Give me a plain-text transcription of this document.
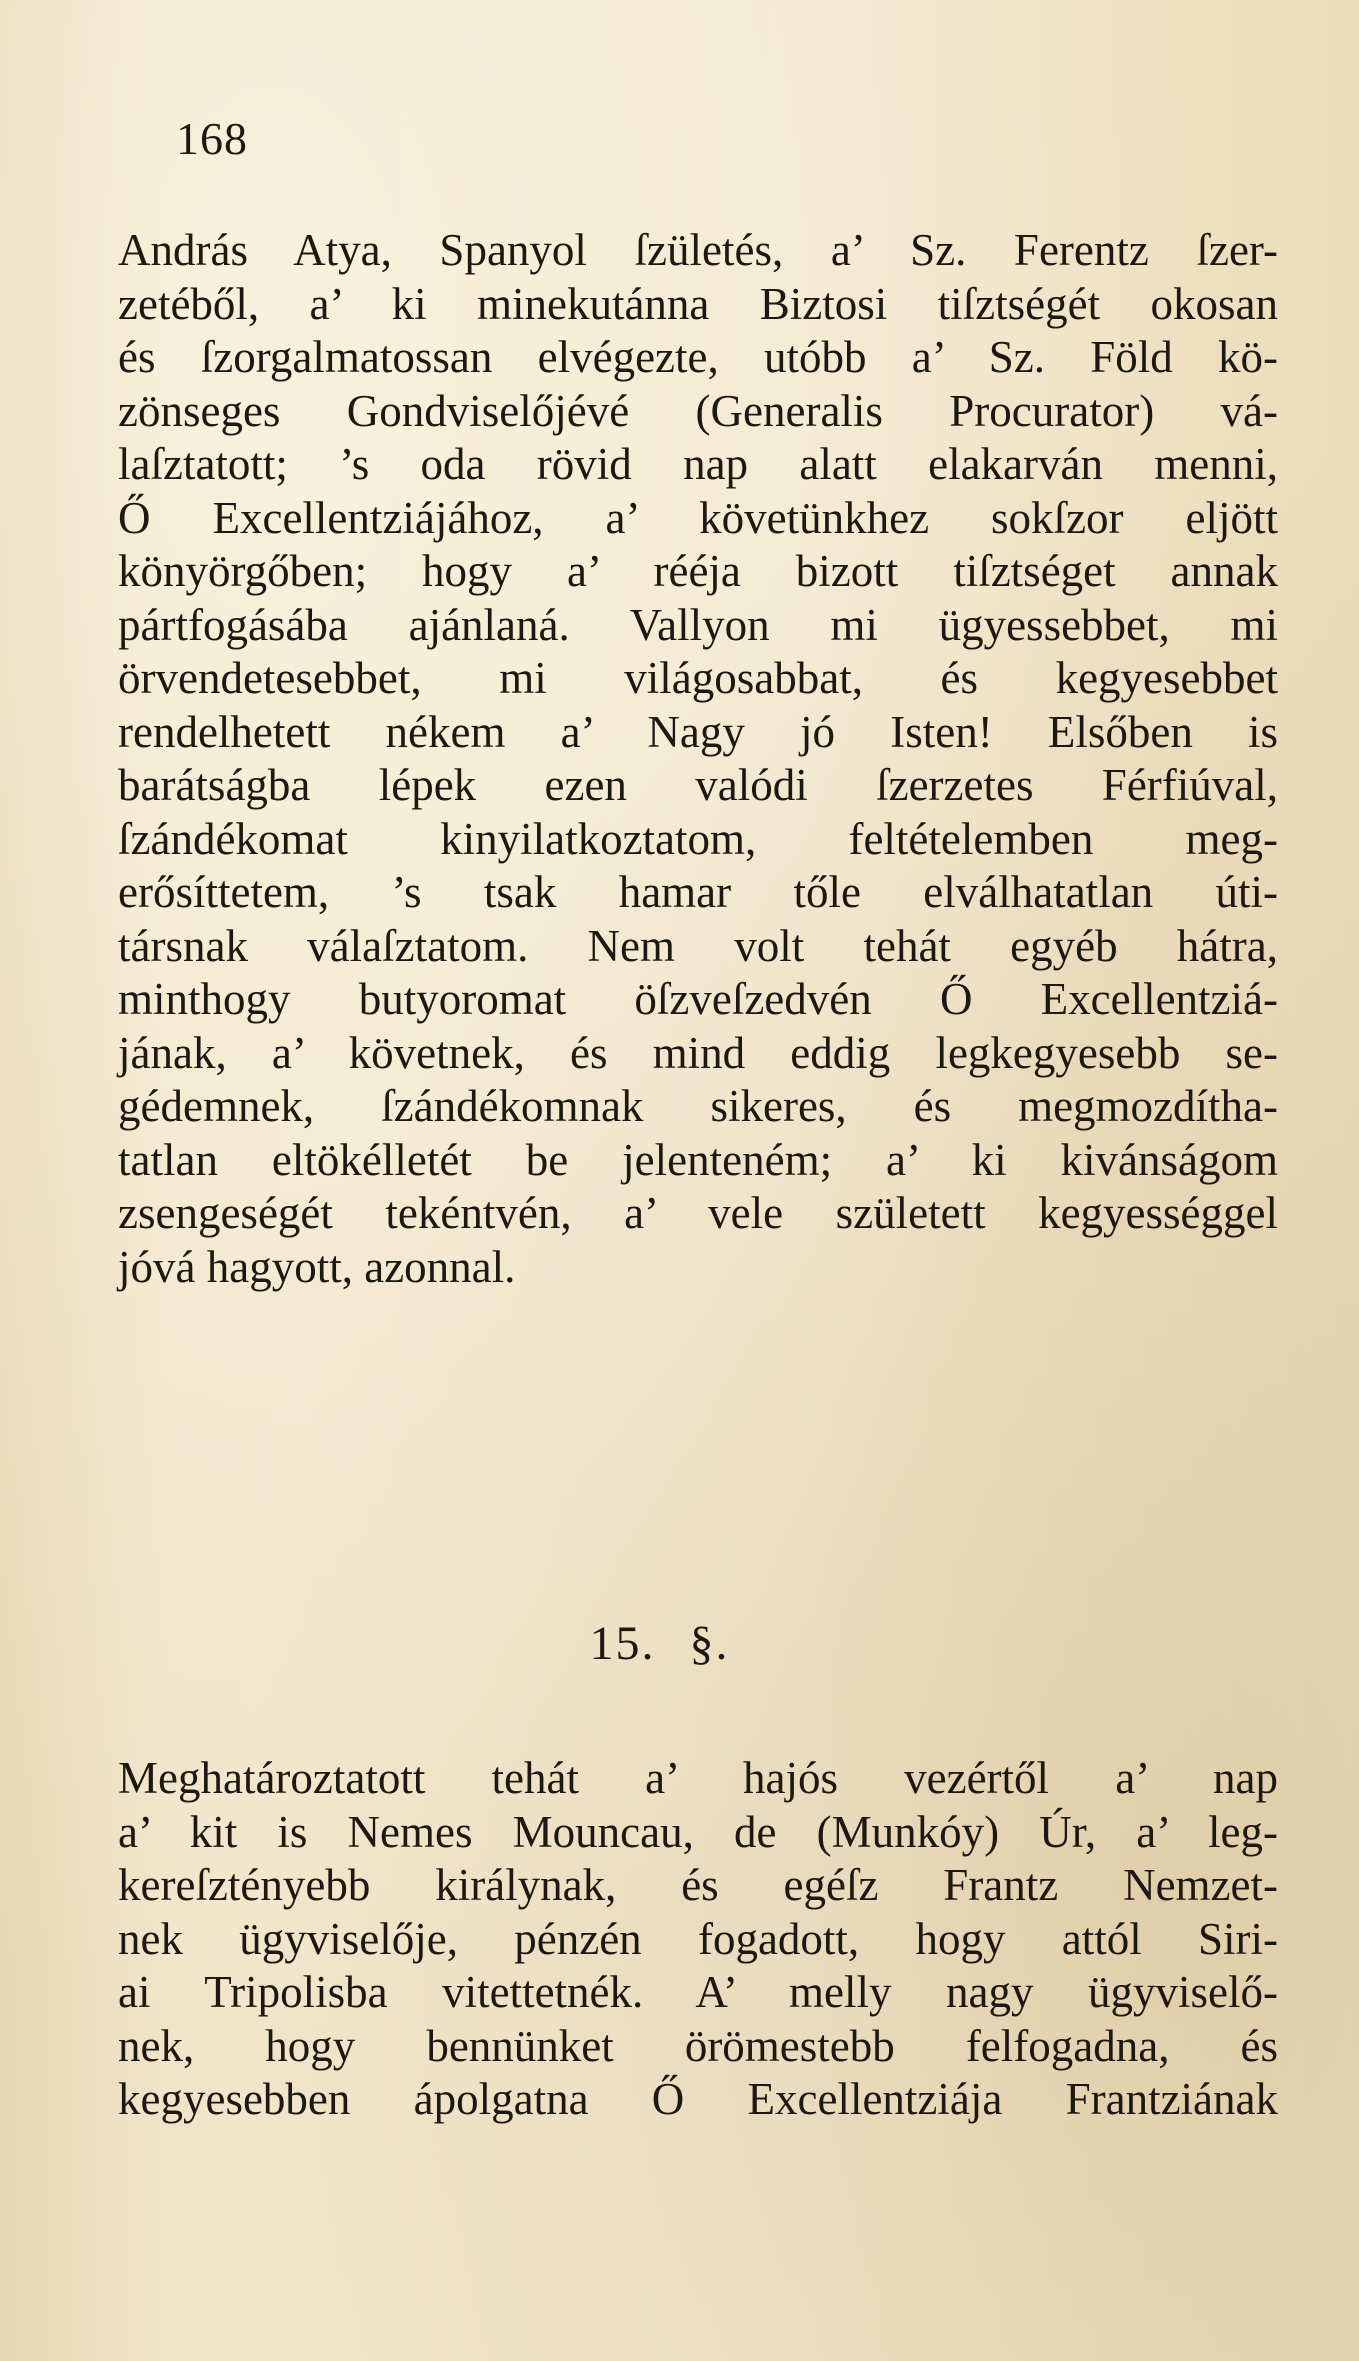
168

András Atya, Spanyol ſzületés, a’ Sz. Ferentz ſzer-
zetéből, a’ ki minekutánna Biztosi tiſztségét okosan
és ſzorgalmatossan elvégezte, utóbb a’ Sz. Föld kö-
zönseges Gondviselőjévé (Generalis Procurator) vá-
laſztatott; ’s oda rövid nap alatt elakarván menni,
Ő Excellentziájához, a’ követünkhez sokſzor eljött
könyörgőben; hogy a’ rééja bizott tiſztséget annak
pártfogásába ajánlaná. Vallyon mi ügyessebbet, mi
örvendetesebbet, mi világosabbat, és kegyesebbet
rendelhetett nékem a’ Nagy jó Isten! Elsőben is
barátságba lépek ezen valódi ſzerzetes Férfiúval,
ſzándékomat kinyilatkoztatom, feltételemben meg-
erősíttetem, ’s tsak hamar tőle elválhatatlan úti-
társnak válaſztatom. Nem volt tehát egyéb hátra,
minthogy butyoromat öſzveſzedvén Ő Excellentziá-
jának, a’ követnek, és mind eddig legkegyesebb se-
gédemnek, ſzándékomnak sikeres, és megmozdítha-
tatlan eltökélletét be jelenteném; a’ ki kivánságom
zsengeségét tekéntvén, a’ vele született kegyességgel
jóvá hagyott, azonnal.

15. §.

Meghatároztatott tehát a’ hajós vezértől a’ nap
a’ kit is Nemes Mouncau, de (Munkóy) Úr, a’ leg-
kereſztényebb királynak, és egéſz Frantz Nemzet-
nek ügyviselője, pénzén fogadott, hogy attól Siri-
ai Tripolisba vitettetnék. A’ melly nagy ügyviselő-
nek, hogy bennünket örömestebb felfogadna, és
kegyesebben ápolgatna Ő Excellentziája Frantziának
